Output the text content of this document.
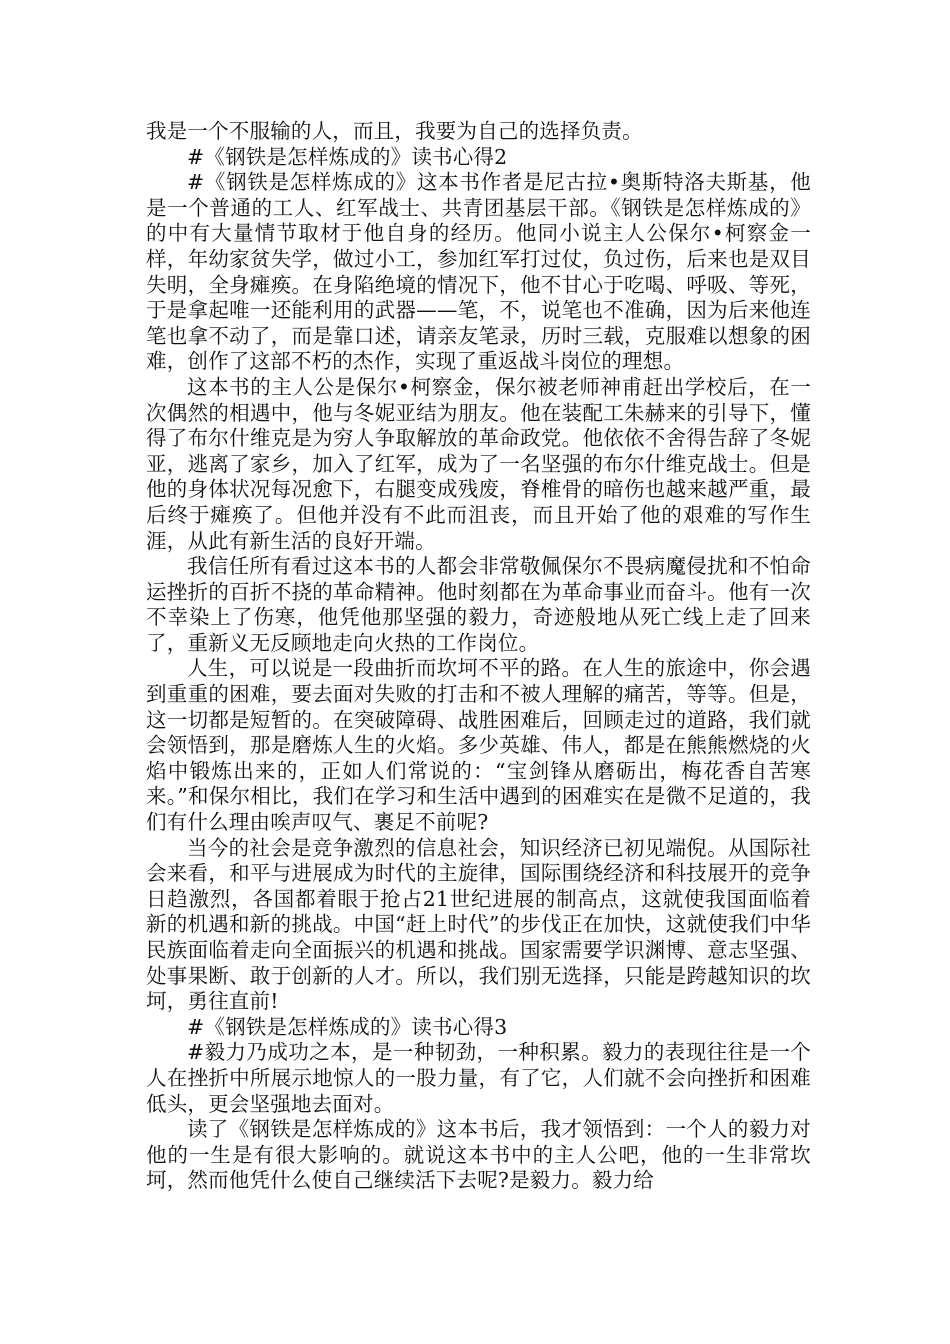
我是一个不服输的人，而且，我要为自己的选择负责。

#《钢铁是怎样炼成的》读书心得2

#《钢铁是怎样炼成的》这本书作者是尼古拉•奥斯特洛夫斯基，他是一个普通的工人、红军战士、共青团基层干部。《钢铁是怎样炼成的》的中有大量情节取材于他自身的经历。他同小说主人公保尔•柯察金一样，年幼家贫失学，做过小工，参加红军打过仗，负过伤，后来也是双目失明，全身瘫痪。在身陷绝境的情况下，他不甘心于吃喝、呼吸、等死，于是拿起唯一还能利用的武器——笔，不，说笔也不准确，因为后来他连笔也拿不动了，而是靠口述，请亲友笔录，历时三载，克服难以想象的困难，创作了这部不朽的杰作，实现了重返战斗岗位的理想。

这本书的主人公是保尔•柯察金，保尔被老师神甫赶出学校后，在一次偶然的相遇中，他与冬妮亚结为朋友。他在装配工朱赫来的引导下，懂得了布尔什维克是为穷人争取解放的革命政党。他依依不舍得告辞了冬妮亚，逃离了家乡，加入了红军，成为了一名坚强的布尔什维克战士。但是他的身体状况每况愈下，右腿变成残废，脊椎骨的暗伤也越来越严重，最后终于瘫痪了。但他并没有不此而沮丧，而且开始了他的艰难的写作生涯，从此有新生活的良好开端。

我信任所有看过这本书的人都会非常敬佩保尔不畏病魔侵扰和不怕命运挫折的百折不挠的革命精神。他时刻都在为革命事业而奋斗。他有一次不幸染上了伤寒，他凭他那坚强的毅力，奇迹般地从死亡线上走了回来了，重新义无反顾地走向火热的工作岗位。

人生，可以说是一段曲折而坎坷不平的路。在人生的旅途中，你会遇到重重的困难，要去面对失败的打击和不被人理解的痛苦，等等。但是，这一切都是短暂的。在突破障碍、战胜困难后，回顾走过的道路，我们就会领悟到，那是磨炼人生的火焰。多少英雄、伟人，都是在熊熊燃烧的火焰中锻炼出来的，正如人们常说的：“宝剑锋从磨砺出，梅花香自苦寒来。”和保尔相比，我们在学习和生活中遇到的困难实在是微不足道的，我们有什么理由唉声叹气、裹足不前呢?

当今的社会是竞争激烈的信息社会，知识经济已初见端倪。从国际社会来看，和平与进展成为时代的主旋律，国际围绕经济和科技展开的竞争日趋激烈，各国都着眼于抢占21世纪进展的制高点，这就使我国面临着新的机遇和新的挑战。中国“赶上时代”的步伐正在加快，这就使我们中华民族面临着走向全面振兴的机遇和挑战。国家需要学识渊博、意志坚强、处事果断、敢于创新的人才。所以，我们别无选择，只能是跨越知识的坎坷，勇往直前!

#《钢铁是怎样炼成的》读书心得3

#毅力乃成功之本，是一种韧劲，一种积累。毅力的表现往往是一个人在挫折中所展示地惊人的一股力量，有了它，人们就不会向挫折和困难低头，更会坚强地去面对。

读了《钢铁是怎样炼成的》这本书后，我才领悟到：一个人的毅力对他的一生是有很大影响的。就说这本书中的主人公吧，他的一生非常坎坷，然而他凭什么使自己继续活下去呢?是毅力。毅力给
